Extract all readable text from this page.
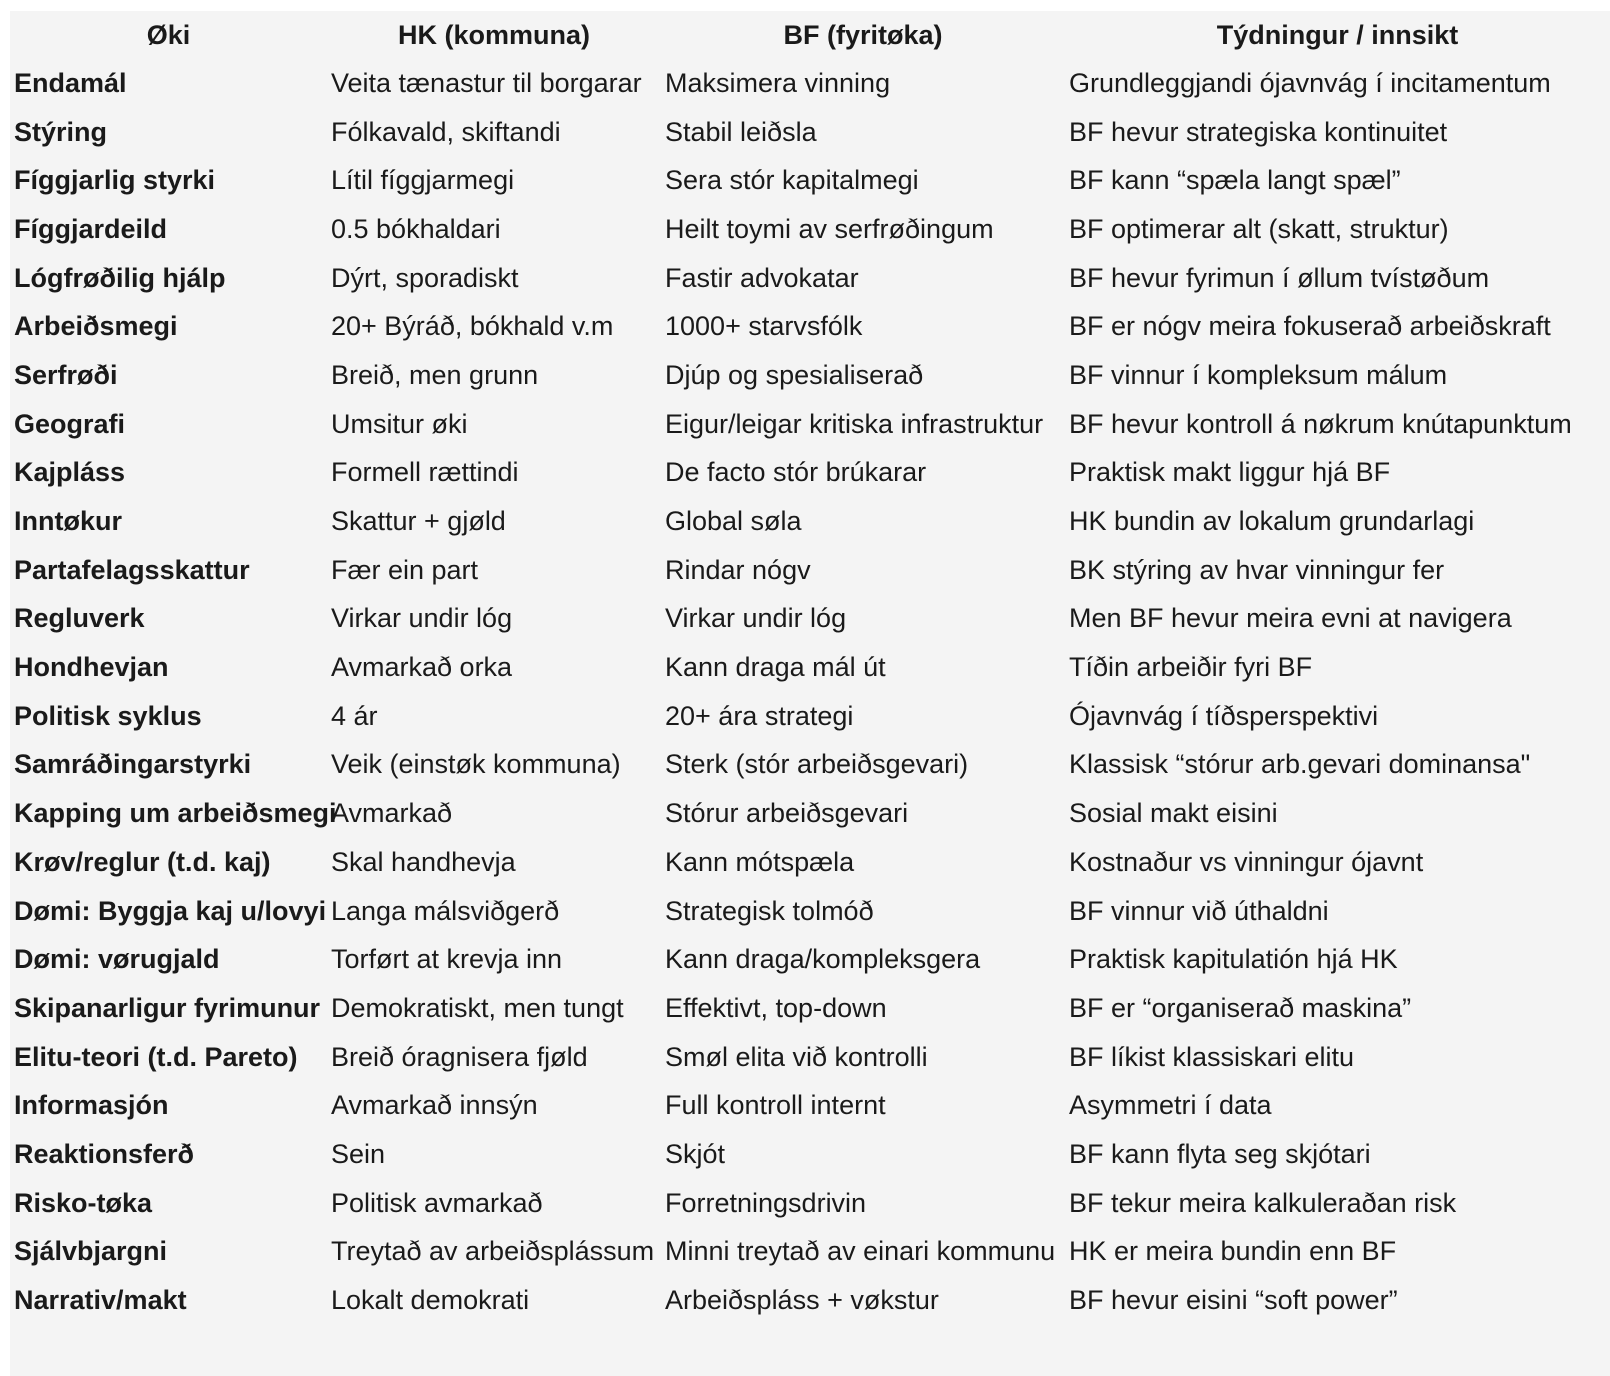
Øki	HK (kommuna)	BF (fyritøka)	Týdningur / innsikt
Endamál	Veita tænastur til borgarar	Maksimera vinning	Grundleggjandi ójavnvág í incitamentum
Stýring	Fólkavald, skiftandi	Stabil leiðsla	BF hevur strategiska kontinuitet
Fíggjarlig styrki	Lítil fíggjarmegi	Sera stór kapitalmegi	BF kann “spæla langt spæl”
Fíggjardeild	0.5 bókhaldari	Heilt toymi av serfrøðingum	BF optimerar alt (skatt, struktur)
Lógfrøðilig hjálp	Dýrt, sporadiskt	Fastir advokatar	BF hevur fyrimun í øllum tvístøðum
Arbeiðsmegi	20+ Býráð, bókhald v.m	1000+ starvsfólk	BF er nógv meira fokuserað arbeiðskraft
Serfrøði	Breið, men grunn	Djúp og spesialiserað	BF vinnur í kompleksum málum
Geografi	Umsitur øki	Eigur/leigar kritiska infrastruktur	BF hevur kontroll á nøkrum knútapunktum
Kajpláss	Formell rættindi	De facto stór brúkarar	Praktisk makt liggur hjá BF
Inntøkur	Skattur + gjøld	Global søla	HK bundin av lokalum grundarlagi
Partafelagsskattur	Fær ein part	Rindar nógv	BK stýring av hvar vinningur fer
Regluverk	Virkar undir lóg	Virkar undir lóg	Men BF hevur meira evni at navigera
Hondhevjan	Avmarkað orka	Kann draga mál út	Tíðin arbeiðir fyri BF
Politisk syklus	4 ár	20+ ára strategi	Ójavnvág í tíðsperspektivi
Samráðingarstyrki	Veik (einstøk kommuna)	Sterk (stór arbeiðsgevari)	Klassisk “stórur arb.gevari dominansa"
Kapping um arbeiðsmegi	Avmarkað	Stórur arbeiðsgevari	Sosial makt eisini
Krøv/reglur (t.d. kaj)	Skal handhevja	Kann mótspæla	Kostnaður vs vinningur ójavnt
Dømi: Byggja kaj u/lovyi	Langa málsviðgerð	Strategisk tolmóð	BF vinnur við úthaldni
Dømi: vørugjald	Torført at krevja inn	Kann draga/kompleksgera	Praktisk kapitulatión hjá HK
Skipanarligur fyrimunur	Demokratiskt, men tungt	Effektivt, top-down	BF er “organiserað maskina”
Elitu-teori (t.d. Pareto)	Breið óragnisera fjøld	Smøl elita við kontrolli	BF líkist klassiskari elitu
Informasjón	Avmarkað innsýn	Full kontroll internt	Asymmetri í data
Reaktionsferð	Sein	Skjót	BF kann flyta seg skjótari
Risko-tøka	Politisk avmarkað	Forretningsdrivin	BF tekur meira kalkulerаðan risk
Sjálvbjargni	Treytað av arbeiðsplássum	Minni treytað av einari kommunu	HK er meira bundin enn BF
Narrativ/makt	Lokalt demokrati	Arbeiðspláss + vøkstur	BF hevur eisini “soft power”
